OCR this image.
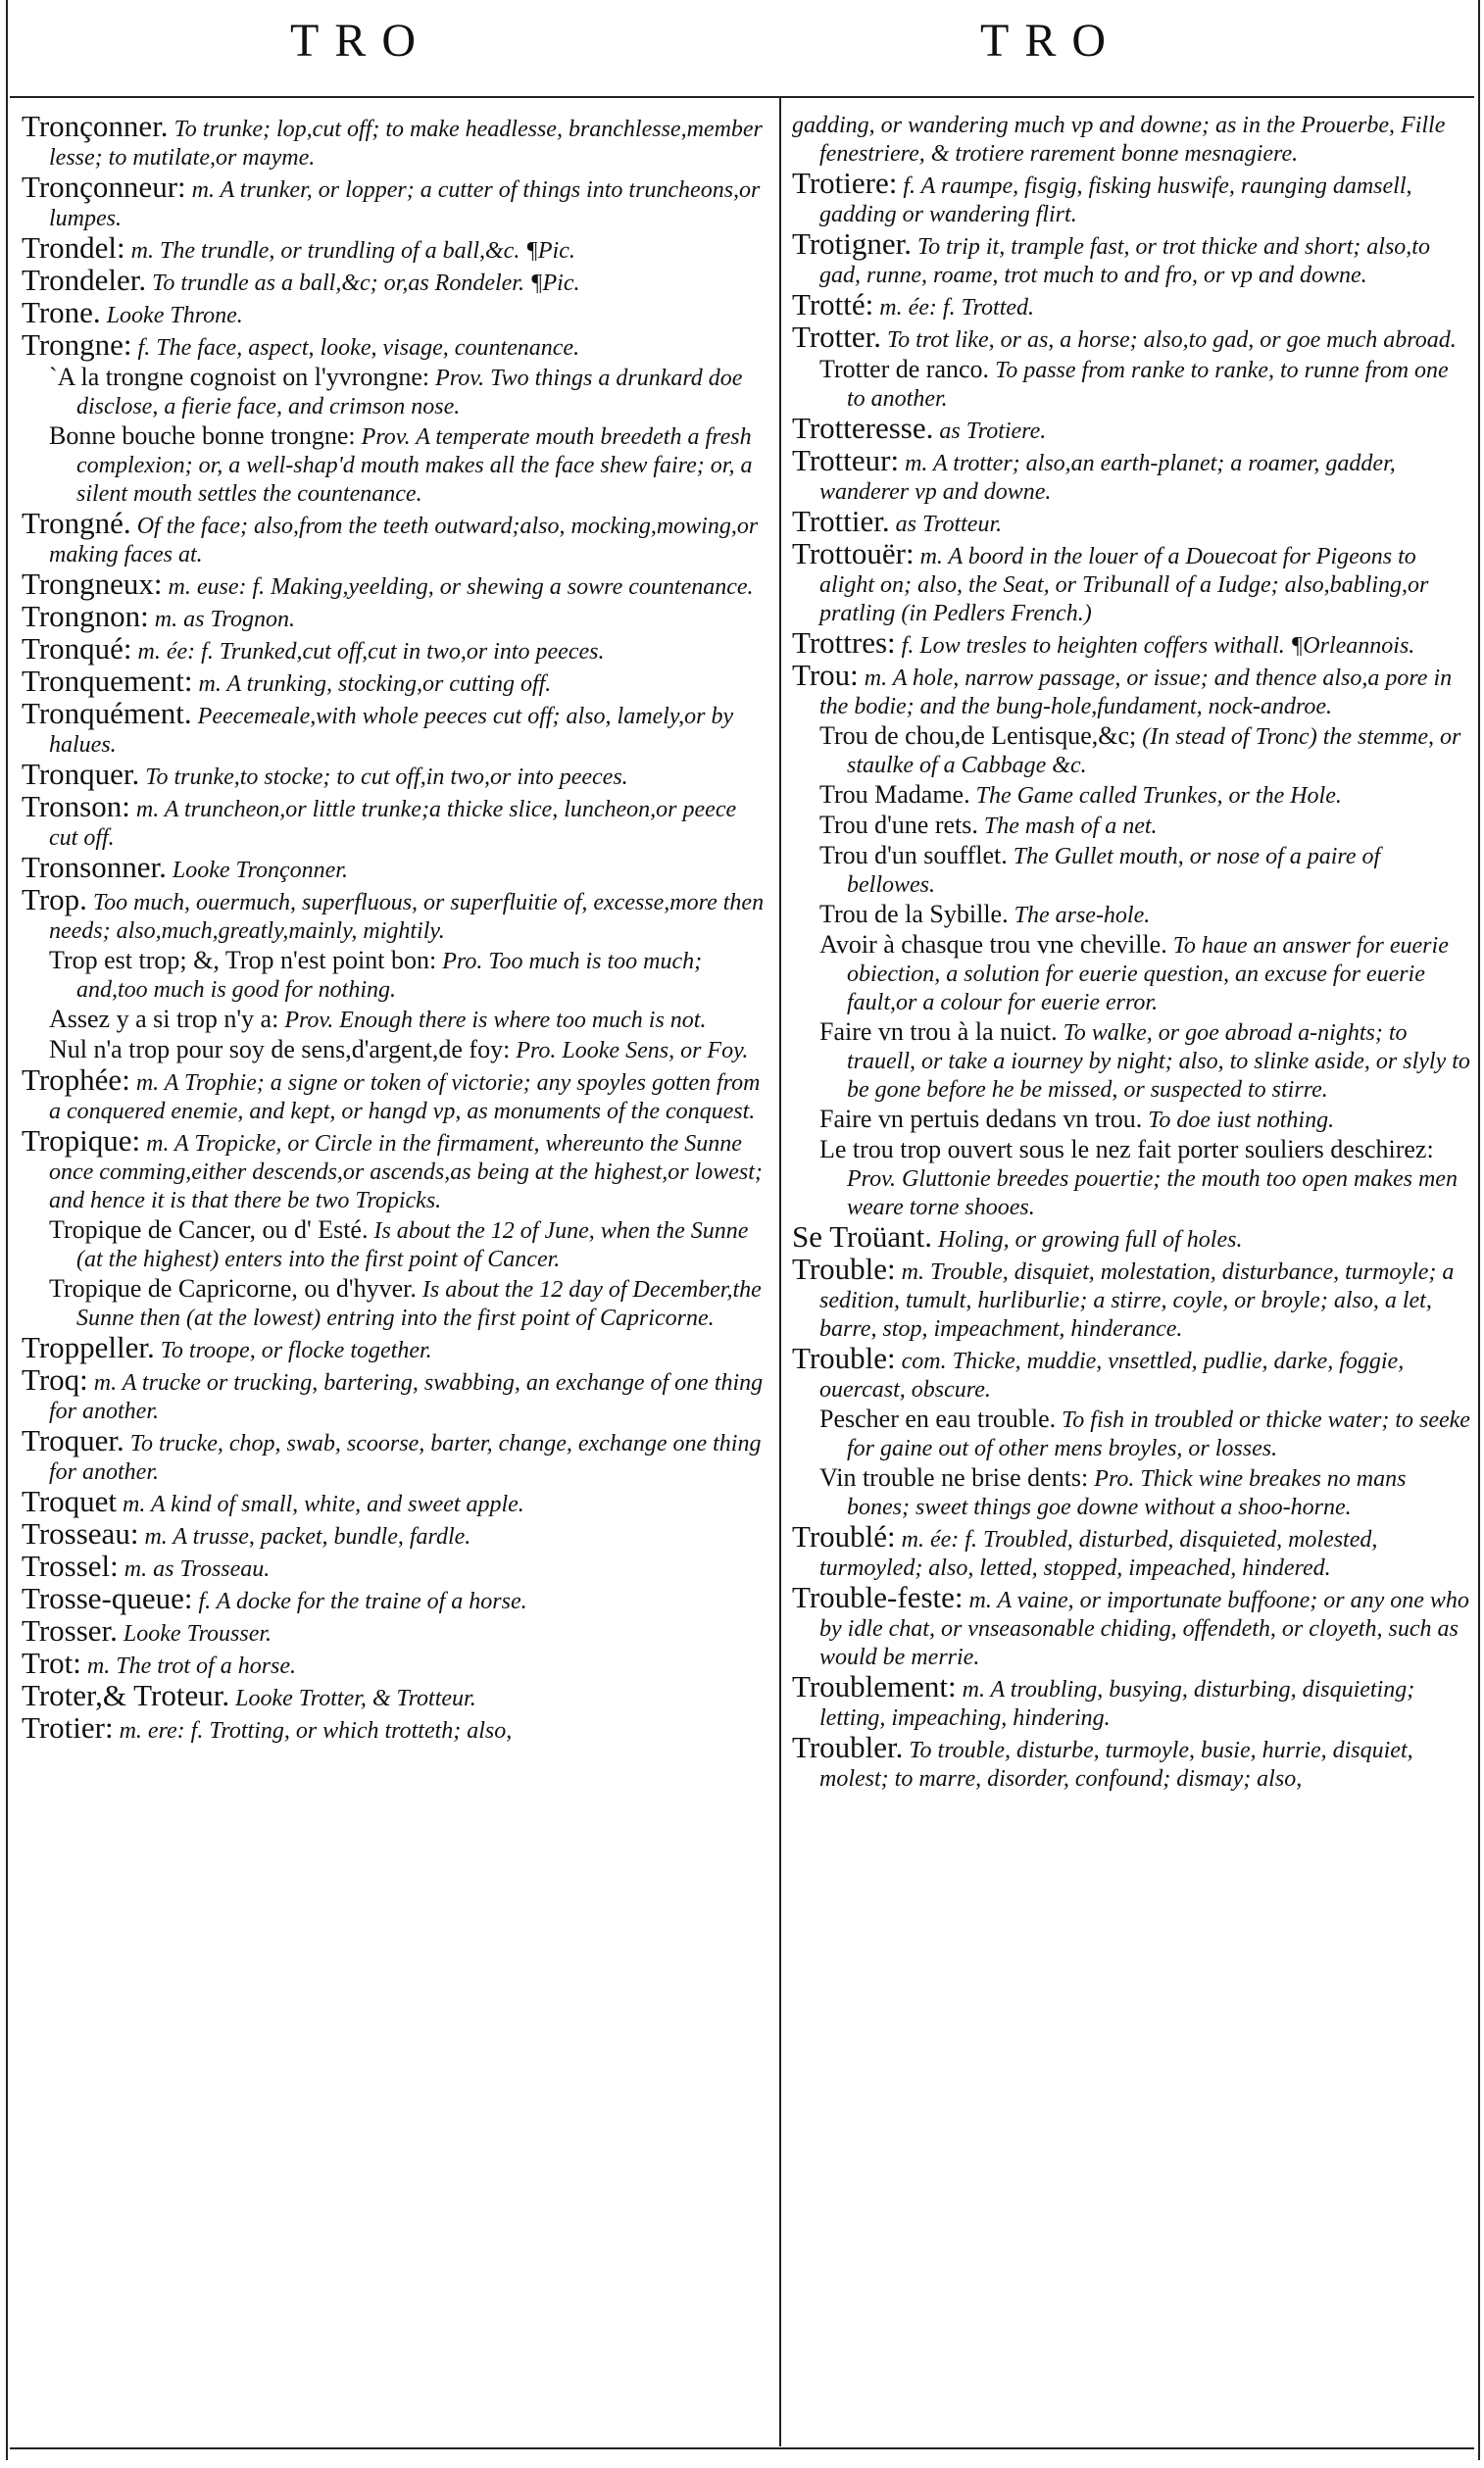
TRO	TRO

Tronçonner. To trunke; lop,cut off; to make headlesse, branchlesse,member lesse; to mutilate,or mayme.

Tronçonneur: m. A trunker, or lopper; a cutter of things into truncheons,or lumpes.

Trondel: m. The trundle, or trundling of a ball,&c. ¶Pic.

Trondeler. To trundle as a ball,&c; or,as Rondeler. ¶Pic.

Trone. Looke Throne.

Trongne: f. The face, aspect, looke, visage, countenance.

`A la trongne cognoist on l'yvrongne: Prov. Two things a drunkard doe disclose, a fierie face, and crimson nose.

Bonne bouche bonne trongne: Prov. A temperate mouth breedeth a fresh complexion; or, a well-shap'd mouth makes all the face shew faire; or, a silent mouth settles the countenance.

Trongné. Of the face; also,from the teeth outward;also, mocking,mowing,or making faces at.

Trongneux: m. euse: f. Making,yeelding, or shewing a sowre countenance.

Trongnon: m. as Trognon.

Tronqué: m. ée: f. Trunked,cut off,cut in two,or into peeces.

Tronquement: m. A trunking, stocking,or cutting off.

Tronquément. Peecemeale,with whole peeces cut off; also, lamely,or by halues.

Tronquer. To trunke,to stocke; to cut off,in two,or into peeces.

Tronson: m. A truncheon,or little trunke;a thicke slice, luncheon,or peece cut off.

Tronsonner. Looke Tronçonner.

Trop. Too much, ouermuch, superfluous, or superfluitie of, excesse,more then needs; also,much,greatly,mainly, mightily.

Trop est trop; &, Trop n'est point bon: Pro. Too much is too much; and,too much is good for nothing.

Assez y a si trop n'y a: Prov. Enough there is where too much is not.

Nul n'a trop pour soy de sens,d'argent,de foy: Pro. Looke Sens, or Foy.

Trophée: m. A Trophie; a signe or token of victorie; any spoyles gotten from a conquered enemie, and kept, or hangd vp, as monuments of the conquest.

Tropique: m. A Tropicke, or Circle in the firmament, whereunto the Sunne once comming,either descends,or ascends,as being at the highest,or lowest; and hence it is that there be two Tropicks.

Tropique de Cancer, ou d' Esté. Is about the 12 of June, when the Sunne (at the highest) enters into the first point of Cancer.

Tropique de Capricorne, ou d'hyver. Is about the 12 day of December,the Sunne then (at the lowest) entring into the first point of Capricorne.

Troppeller. To troope, or flocke together.

Troq: m. A trucke or trucking, bartering, swabbing, an exchange of one thing for another.

Troquer. To trucke, chop, swab, scoorse, barter, change, exchange one thing for another.

Troquet m. A kind of small, white, and sweet apple.

Trosseau: m. A trusse, packet, bundle, fardle.

Trossel: m. as Trosseau.

Trosse-queue: f. A docke for the traine of a horse.

Trosser. Looke Trousser.

Trot: m. The trot of a horse.

Troter,& Troteur. Looke Trotter, & Trotteur.

Trotier: m. ere: f. Trotting, or which trotteth; also,

gadding, or wandering much vp and downe; as in the Prouerbe, Fille fenestriere, & trotiere rarement bonne mesnagiere.

Trotiere: f. A raumpe, fisgig, fisking huswife, raunging damsell, gadding or wandering flirt.

Trotigner. To trip it, trample fast, or trot thicke and short; also,to gad, runne, roame, trot much to and fro, or vp and downe.

Trotté: m. ée: f. Trotted.

Trotter. To trot like, or as, a horse; also,to gad, or goe much abroad.

Trotter de ranco. To passe from ranke to ranke, to runne from one to another.

Trotteresse. as Trotiere.

Trotteur: m. A trotter; also,an earth-planet; a roamer, gadder, wanderer vp and downe.

Trottier. as Trotteur.

Trottouër: m. A boord in the louer of a Douecoat for Pigeons to alight on; also, the Seat, or Tribunall of a Iudge; also,babling,or pratling (in Pedlers French.)

Trottres: f. Low tresles to heighten coffers withall. ¶Orleannois.

Trou: m. A hole, narrow passage, or issue; and thence also,a pore in the bodie; and the bung-hole,fundament, nock-androe.

Trou de chou,de Lentisque,&c; (In stead of Tronc) the stemme, or staulke of a Cabbage &c.

Trou Madame. The Game called Trunkes, or the Hole.

Trou d'une rets. The mash of a net.

Trou d'un soufflet. The Gullet mouth, or nose of a paire of bellowes.

Trou de la Sybille. The arse-hole.

Avoir à chasque trou vne cheville. To haue an answer for euerie obiection, a solution for euerie question, an excuse for euerie fault,or a colour for euerie error.

Faire vn trou à la nuict. To walke, or goe abroad a-nights; to trauell, or take a iourney by night; also, to slinke aside, or slyly to be gone before he be missed, or suspected to stirre.

Faire vn pertuis dedans vn trou. To doe iust nothing.

Le trou trop ouvert sous le nez fait porter souliers deschirez: Prov. Gluttonie breedes pouertie; the mouth too open makes men weare torne shooes.

Se Troüant. Holing, or growing full of holes.

Trouble: m. Trouble, disquiet, molestation, disturbance, turmoyle; a sedition, tumult, hurliburlie; a stirre, coyle, or broyle; also, a let, barre, stop, impeachment, hinderance.

Trouble: com. Thicke, muddie, vnsettled, pudlie, darke, foggie, ouercast, obscure.

Pescher en eau trouble. To fish in troubled or thicke water; to seeke for gaine out of other mens broyles, or losses.

Vin trouble ne brise dents: Pro. Thick wine breakes no mans bones; sweet things goe downe without a shoo-horne.

Troublé: m. ée: f. Troubled, disturbed, disquieted, molested, turmoyled; also, letted, stopped, impeached, hindered.

Trouble-feste: m. A vaine, or importunate buffoone; or any one who by idle chat, or vnseasonable chiding, offendeth, or cloyeth, such as would be merrie.

Troublement: m. A troubling, busying, disturbing, disquieting; letting, impeaching, hindering.

Troubler. To trouble, disturbe, turmoyle, busie, hurrie, disquiet, molest; to marre, disorder, confound; dismay; also,
